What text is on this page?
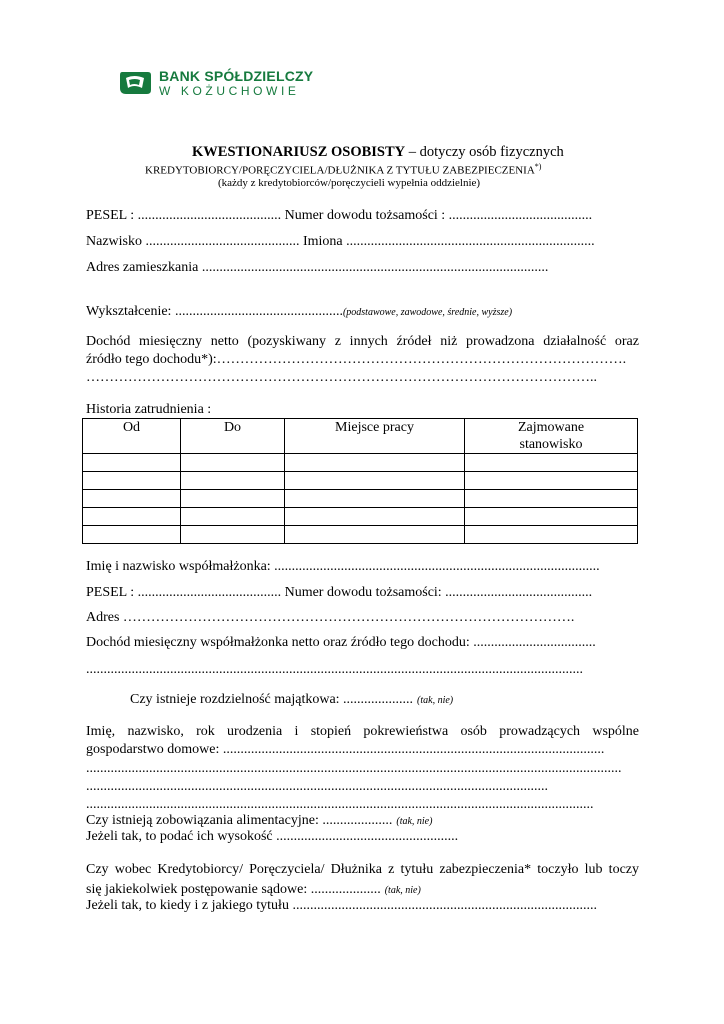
BANK SPÓŁDZIELCZY
W KOŻUCHOWIE
KWESTIONARIUSZ OSOBISTY – dotyczy osób fizycznych
KREDYTOBIORCY/PORĘCZYCIELA/DŁUŻNIKA Z TYTUŁU ZABEZPIECZENIA*)
(każdy z kredytobiorców/poręczycieli wypełnia oddzielnie)
PESEL : ......................................... Numer dowodu tożsamości : .........................................
Nazwisko ............................................ Imiona .......................................................................
Adres zamieszkania ...................................................................................................
Wykształcenie: ................................................(podstawowe, zawodowe, średnie, wyższe)
Dochód miesięczny netto (pozyskiwany z innych źródeł niż prowadzona działalność oraz
źródło tego dochodu*):…………………………………………………………………………….
………………………………………………………………………………………………..
Historia zatrudnienia :
Od	Do	Miejsce pracy	Zajmowane stanowisko

Imię i nazwisko współmałżonka: .............................................................................................
PESEL : ......................................... Numer dowodu tożsamości: ..........................................
Adres …………………………………………………………………………………….
Dochód miesięczny współmałżonka netto oraz źródło tego dochodu: ...................................
..............................................................................................................................................
Czy istnieje rozdzielność majątkowa: .................... (tak, nie)
Imię, nazwisko, rok urodzenia i stopień pokrewieństwa osób prowadzących wspólne
gospodarstwo domowe: .............................................................................................................
.........................................................................................................................................................
....................................................................................................................................
.................................................................................................................................................
Czy istnieją zobowiązania alimentacyjne: .................... (tak, nie)
Jeżeli tak, to podać ich wysokość ....................................................
Czy wobec Kredytobiorcy/ Poręczyciela/ Dłużnika z tytułu zabezpieczenia* toczyło lub toczy
się jakiekolwiek postępowanie sądowe: .................... (tak, nie)
Jeżeli tak, to kiedy i z jakiego tytułu .......................................................................................
